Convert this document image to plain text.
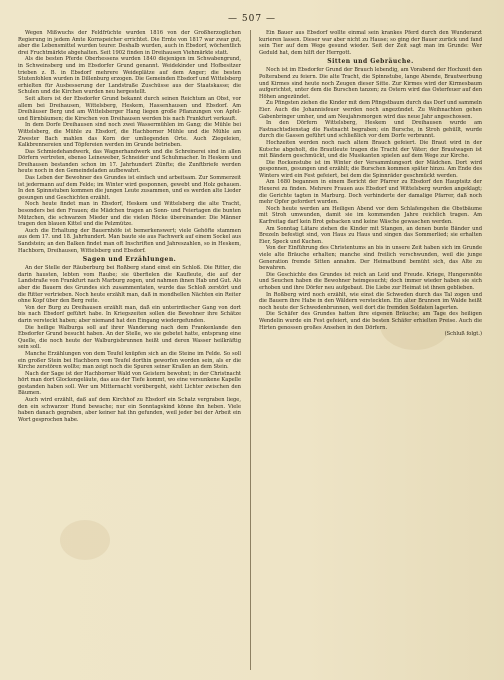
— 507 —

Wegen Mißwuchs der Feldfrüchte wurden 1816 von der Großherzoglichen Regierung in jedem Amte Kornspeicher errichtet. Die Ernte von 1817 war zwar gut, aber die Lebensmittel wurden teurer. Deshalb wurden, auch in Ebsdorf, wöchentlich drei Fruchtmärkte abgehalten. Seit 1902 finden in Dreihausen Viehmärkte statt.

Als die besten Pferde Oberhessens wurden 1840 diejenigen im Schwabengrund, in Schweinsberg und im Ebsdorfer Grund genannt. Weidekinder und Hofbesitzer trieben z. B. in Ebsdorf mehrere Weideplätze auf dem Anger; die besten Stutenfohlen wurden in Dillenburg erzogen. Die Gemeinden Ebsdorf und Wittelsberg erhielten für Ausbesserung der Landstraße Zuschüsse aus der Staatskasse; die Schulen und die Kirchen wurden neu hergestellt.

Seit alters ist der Ebsdorfer Grund bekannt durch seinen Reichtum an Obst, vor allem bei Dreihausen, Wittelsberg, Heskem, Hassenhausen und Ebsdorf. Am Dreihäuser Berg und am Wittelsberger Hang liegen große Pflanzungen von Apfel- und Birnbäumen; die Kirschen von Dreihausen werden bis nach Frankfurt verkauft.

In dem Dorfe Dreihausen sind noch zwei Wassermühlen im Gang; die Mühle bei Wittelsberg, die Mühle zu Ebsdorf, die Hachborner Mühle und die Mühle am Zwester Bach mahlen das Korn der umliegenden Orte. Auch Ziegeleien, Kalkbrennereien und Töpfereien werden im Grunde betrieben.

Das Schmiedehandwerk, das Wagnerhandwerk und die Schreinerei sind in allen Dörfern vertreten, ebenso Leineweber, Schneider und Schuhmacher. In Heskem und Dreihausen bestanden schon im 17. Jahrhundert Zünfte; die Zunftbriefe werden heute noch in den Gemeindeladen aufbewahrt.

Das Leben der Bewohner des Grundes ist einfach und arbeitsam. Zur Sommerzeit ist jedermann auf dem Felde; im Winter wird gesponnen, gewebt und Holz gehauen. In den Spinnstuben kommen die jungen Leute zusammen, und es werden alte Lieder gesungen und Geschichten erzählt.

Noch heute findet man in Ebsdorf, Heskem und Wittelsberg die alte Tracht, besonders bei den Frauen; die Mädchen tragen an Sonn- und Feiertagen die bunten Mützchen, die schwarzen Mieder und die vielen Röcke übereinander. Die Männer tragen den blauen Kittel und die Pelzmütze.

Auch die Erhaltung der Bauernhöfe ist bemerkenswert; viele Gehöfte stammen aus dem 17. und 18. Jahrhundert. Man baute sie aus Fachwerk auf einem Sockel aus Sandstein; an den Balken findet man oft Inschriften und Jahreszahlen, so in Heskem, Hachborn, Dreihausen, Wittelsberg und Ebsdorf.

Sagen und Erzählungen.

An der Stelle der Räuberburg bei Roßberg stand einst ein Schloß. Die Ritter, die darin hausten, lebten vom Raube; sie überfielen die Kaufleute, die auf der Landstraße von Frankfurt nach Marburg zogen, und nahmen ihnen Hab und Gut. Als aber die Bauern des Grundes sich zusammentaten, wurde das Schloß zerstört und die Ritter vertrieben. Noch heute erzählt man, daß in mondhellen Nächten ein Reiter ohne Kopf über den Berg reite.

Von der Burg zu Dreihausen erzählt man, daß ein unterirdischer Gang von dort bis nach Ebsdorf geführt habe. In Kriegszeiten sollen die Bewohner ihre Schätze darin versteckt haben; aber niemand hat den Eingang wiedergefunden.

Die heilige Walburga soll auf ihrer Wanderung nach dem Frankenlande den Ebsdorfer Grund besucht haben. An der Stelle, wo sie gebetet hatte, entsprang eine Quelle, die noch heute der Walburgisbrunnen heißt und deren Wasser heilkräftig sein soll.

Manche Erzählungen von dem Teufel knüpfen sich an die Steine im Felde. So soll ein großer Stein bei Hachborn vom Teufel dorthin geworfen worden sein, als er die Kirche zerstören wollte; man zeigt noch die Spuren seiner Krallen an dem Stein.

Nach der Sage ist der Hachborner Wald von Geistern bewohnt; in der Christnacht hört man dort Glockengeläute, das aus der Tiefe kommt, wo eine versunkene Kapelle gestanden haben soll. Wer um Mitternacht vorübergeht, sieht Lichter zwischen den Bäumen.

Auch wird erzählt, daß auf dem Kirchhof zu Ebsdorf ein Schatz vergraben liege, den ein schwarzer Hund bewache; nur ein Sonntagskind könne ihn heben. Viele haben danach gegraben, aber keiner hat ihn gefunden, weil jeder bei der Arbeit ein Wort gesprochen habe.

Ein Bauer aus Ebsdorf wollte einmal sein krankes Pferd durch den Wunderarzt kurieren lassen. Dieser war aber nicht zu Hause; so ging der Bauer zurück und fand sein Tier auf dem Wege gesund wieder. Seit der Zeit sagt man im Grunde: Wer Geduld hat, dem hilft der Herrgott.

Sitten und Gebräuche.

Noch ist im Ebsdorfer Grund der Brauch lebendig, am Vorabend der Hochzeit den Polterabend zu feiern. Die alte Tracht, die Spinnstube, lange Abende, Brautwerbung und Kirmes sind heute noch Zeugen dieser Sitte. Zur Kirmes wird der Kirmesbaum aufgerichtet, unter dem die Burschen tanzen; zu Ostern wird das Osterfeuer auf den Höhen angezündet.

Zu Pfingsten ziehen die Kinder mit dem Pfingstbaum durch das Dorf und sammeln Eier. Auch die Johannisfeuer werden noch angezündet. Zu Weihnachten gehen Gabenbringer umher, und am Neujahrsmorgen wird das neue Jahr angeschossen.

In den Dörfern Wittelsberg, Heskem und Dreihausen wurde am Fastnachtsdienstag die Fastnacht begraben; ein Bursche, in Stroh gehüllt, wurde durch die Gassen geführt und schließlich vor dem Dorfe verbrannt.

Hochzeiten werden noch nach altem Brauch gefeiert. Die Braut wird in der Kutsche abgeholt, die Brautleute tragen die Tracht der Väter; der Brautwagen ist mit Bändern geschmückt, und die Musikanten spielen auf dem Wege zur Kirche.

Die Rockenstube ist im Winter der Versammlungsort der Mädchen. Dort wird gesponnen, gesungen und erzählt; die Burschen kommen später hinzu. Am Ende des Winters wird ein Fest gefeiert, bei dem die Spinnräder geschmückt werden.

Am 1680 begannen in einem Bericht der Pfarrer zu Ebsdorf den Hauptsitz der Hexerei zu finden. Mehrere Frauen aus Ebsdorf und Wittelsberg wurden angeklagt; die Gerichte tagten in Marburg. Doch verhinderte der damalige Pfarrer, daß noch mehr Opfer gefordert wurden.

Noch heute werden am Heiligen Abend vor dem Schlafengehen die Obstbäume mit Stroh umwunden, damit sie im kommenden Jahre reichlich tragen. Am Karfreitag darf kein Brot gebacken und keine Wäsche gewaschen werden.

Am Sonntag Lätare ziehen die Kinder mit Stangen, an denen bunte Bänder und Brezeln befestigt sind, von Haus zu Haus und singen das Sommerlied; sie erhalten Eier, Speck und Kuchen.

Von der Einführung des Christentums an bis in unsere Zeit haben sich im Grunde viele alte Bräuche erhalten; manche sind freilich verschwunden, weil die junge Generation fremde Sitten annahm. Der Heimatbund bemüht sich, das Alte zu bewahren.

Die Geschichte des Grundes ist reich an Leid und Freude. Kriege, Hungersnöte und Seuchen haben die Bewohner heimgesucht; doch immer wieder haben sie sich erhoben und ihre Dörfer neu aufgebaut. Die Liebe zur Heimat ist ihnen geblieben.

In Roßberg wird noch erzählt, wie einst die Schweden durch das Tal zogen und die Bauern ihre Habe in den Wäldern versteckten. Ein alter Brunnen im Walde heißt noch heute der Schwedenbrunnen, weil dort die fremden Soldaten lagerten.

Die Schäfer des Grundes hatten ihre eigenen Bräuche; am Tage des heiligen Wendelin wurde ein Fest gefeiert, und die besten Schäfer erhielten Preise. Auch die Hirten genossen großes Ansehen in den Dörfern.

(Schluß folgt.)
